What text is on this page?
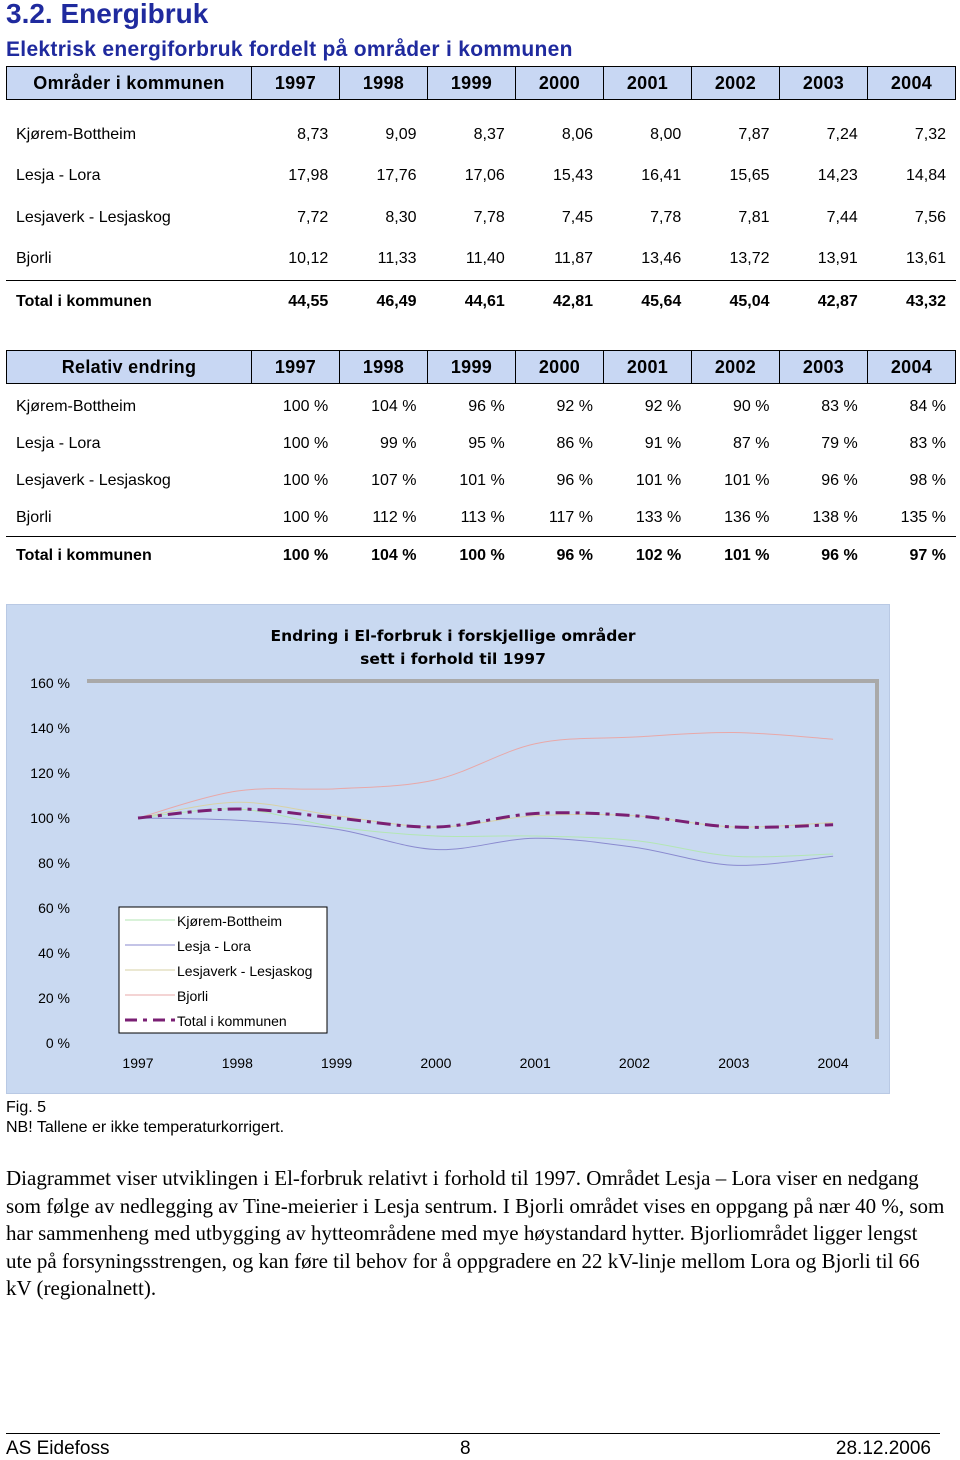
3.2. Energibruk
Elektrisk energiforbruk fordelt på områder i kommunen
Områder i kommunen	1997	1998	1999	2000	2001	2002	2003	2004
Kjørem-Bottheim	8,73	9,09	8,37	8,06	8,00	7,87	7,24	7,32
Lesja - Lora	17,98	17,76	17,06	15,43	16,41	15,65	14,23	14,84
Lesjaverk - Lesjaskog	7,72	8,30	7,78	7,45	7,78	7,81	7,44	7,56
Bjorli	10,12	11,33	11,40	11,87	13,46	13,72	13,91	13,61
Total i kommunen	44,55	46,49	44,61	42,81	45,64	45,04	42,87	43,32
Relativ endring	1997	1998	1999	2000	2001	2002	2003	2004
Kjørem-Bottheim	100 %	104 %	96 %	92 %	92 %	90 %	83 %	84 %
Lesja - Lora	100 %	99 %	95 %	86 %	91 %	87 %	79 %	83 %
Lesjaverk - Lesjaskog	100 %	107 %	101 %	96 %	101 %	101 %	96 %	98 %
Bjorli	100 %	112 %	113 %	117 %	133 %	136 %	138 %	135 %
Total i kommunen	100 %	104 %	100 %	96 %	102 %	101 %	96 %	97 %
Endring i El-forbruk i forskjellige områder
sett i forhold til 1997
0 %
20 %
40 %
60 %
80 %
100 %
120 %
140 %
160 %
1997	1998	1999	2000	2001	2002	2003	2004
Kjørem-Bottheim
Lesja - Lora
Lesjaverk - Lesjaskog
Bjorli
Total i kommunen
Fig. 5
NB! Tallene er ikke temperaturkorrigert.
Diagrammet viser utviklingen i El-forbruk relativt i forhold til 1997. Området Lesja – Lora viser en nedgang som følge av nedlegging av Tine-meierier i Lesja sentrum. I Bjorli området vises en oppgang på nær 40 %, som har sammenheng med utbygging av hytteområdene med mye høystandard hytter. Bjorliområdet ligger lengst ute på forsyningsstrengen, og kan føre til behov for å oppgradere en 22 kV-linje mellom Lora og Bjorli til 66 kV (regionalnett).
AS Eidefoss	8	28.12.2006
